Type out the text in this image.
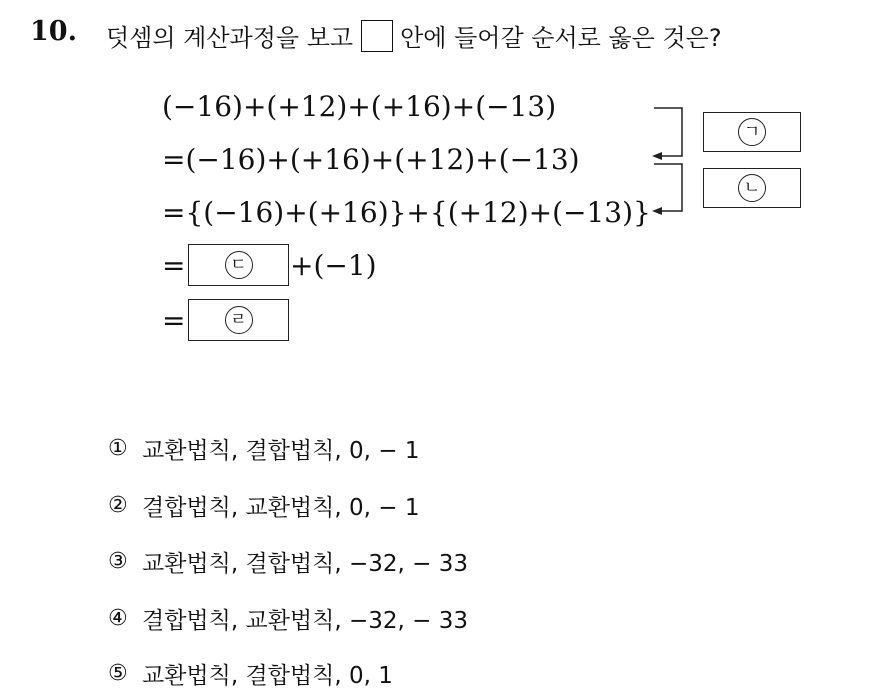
10. 덧셈의 계산과정을 보고 안에 들어갈 순서로 옳은 것은?
(−16)+(+12)+(+16)+(−13)
=(−16)+(+16)+(+12)+(−13)
={(−16)+(+16)}+{(+12)+(−13)}
=	ㄷ +(−1)
=	ㄹ
ㄱ
ㄴ
① 교환법칙, 결합법칙, 0, − 1
② 결합법칙, 교환법칙, 0, − 1
③ 교환법칙, 결합법칙, −32, − 33
④ 결합법칙, 교환법칙, −32, − 33
⑤ 교환법칙, 결합법칙, 0, 1
